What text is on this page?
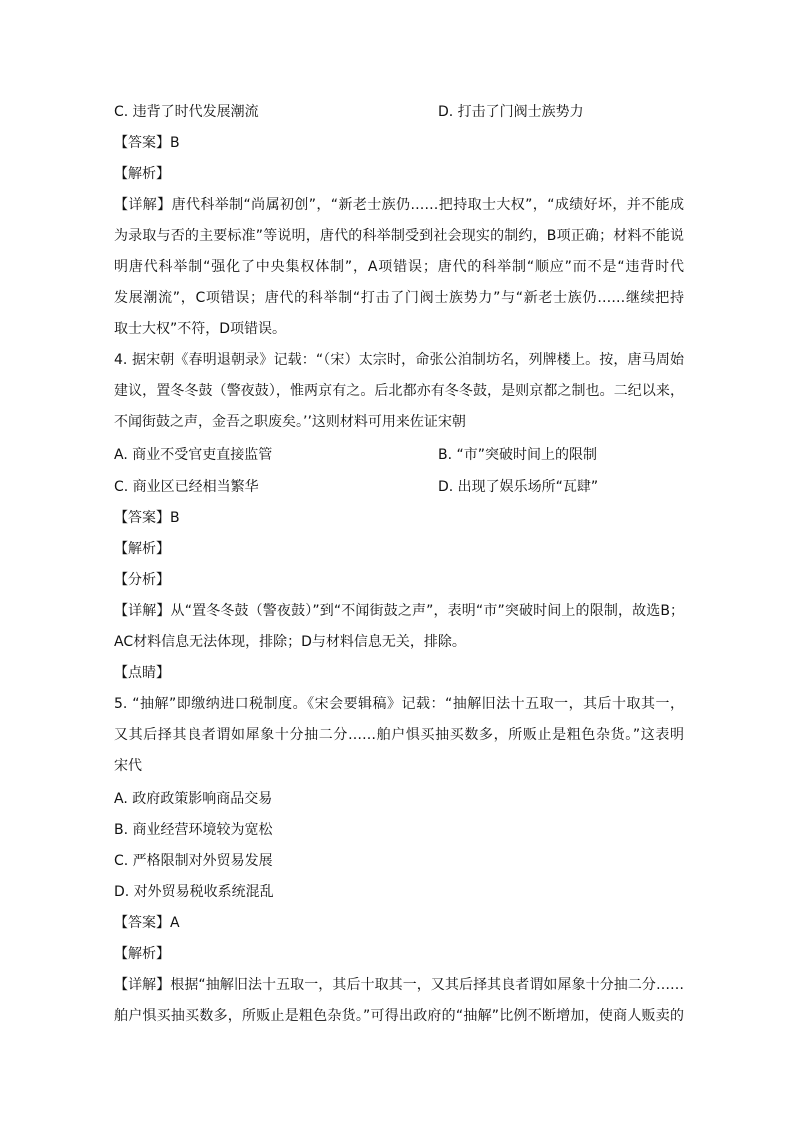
C. 违背了时代发展潮流	D. 打击了门阀士族势力
【答案】B
【解析】
【详解】唐代科举制“尚属初创”，“新老士族仍……把持取士大权”，“成绩好坏，并不能成
为录取与否的主要标准”等说明，唐代的科举制受到社会现实的制约，B项正确；材料不能说
明唐代科举制“强化了中央集权体制”，A项错误；唐代的科举制“顺应”而不是“违背时代
发展潮流”，C项错误；唐代的科举制“打击了门阀士族势力”与“新老士族仍……继续把持
取士大权”不符，D项错误。
4. 据宋朝《春明退朝录》记载：“（宋）太宗时，命张公洎制坊名，列牌楼上。按，唐马周始
建议，置冬冬鼓（警夜鼓），惟两京有之。后北都亦有冬冬鼓，是则京都之制也。二纪以来，
不闻街鼓之声，金吾之职废矣。’’这则材料可用来佐证宋朝
A. 商业不受官吏直接监管	B. “市”突破时间上的限制
C. 商业区已经相当繁华	D. 出现了娱乐场所“瓦肆”
【答案】B
【解析】
【分析】
【详解】从“置冬冬鼓（警夜鼓）”到“不闻街鼓之声”，表明“市”突破时间上的限制，故选B；
AC材料信息无法体现，排除；D与材料信息无关，排除。
【点睛】
5. “抽解”即缴纳进口税制度。《宋会要辑稿》记载：“抽解旧法十五取一，其后十取其一，
又其后择其良者谓如犀象十分抽二分……舶户惧买抽买数多，所贩止是粗色杂货。”这表明
宋代
A. 政府政策影响商品交易
B. 商业经营环境较为宽松
C. 严格限制对外贸易发展
D. 对外贸易税收系统混乱
【答案】A
【解析】
【详解】根据“抽解旧法十五取一，其后十取其一，又其后择其良者谓如犀象十分抽二分……
舶户惧买抽买数多，所贩止是粗色杂货。”可得出政府的“抽解”比例不断增加，使商人贩卖的
